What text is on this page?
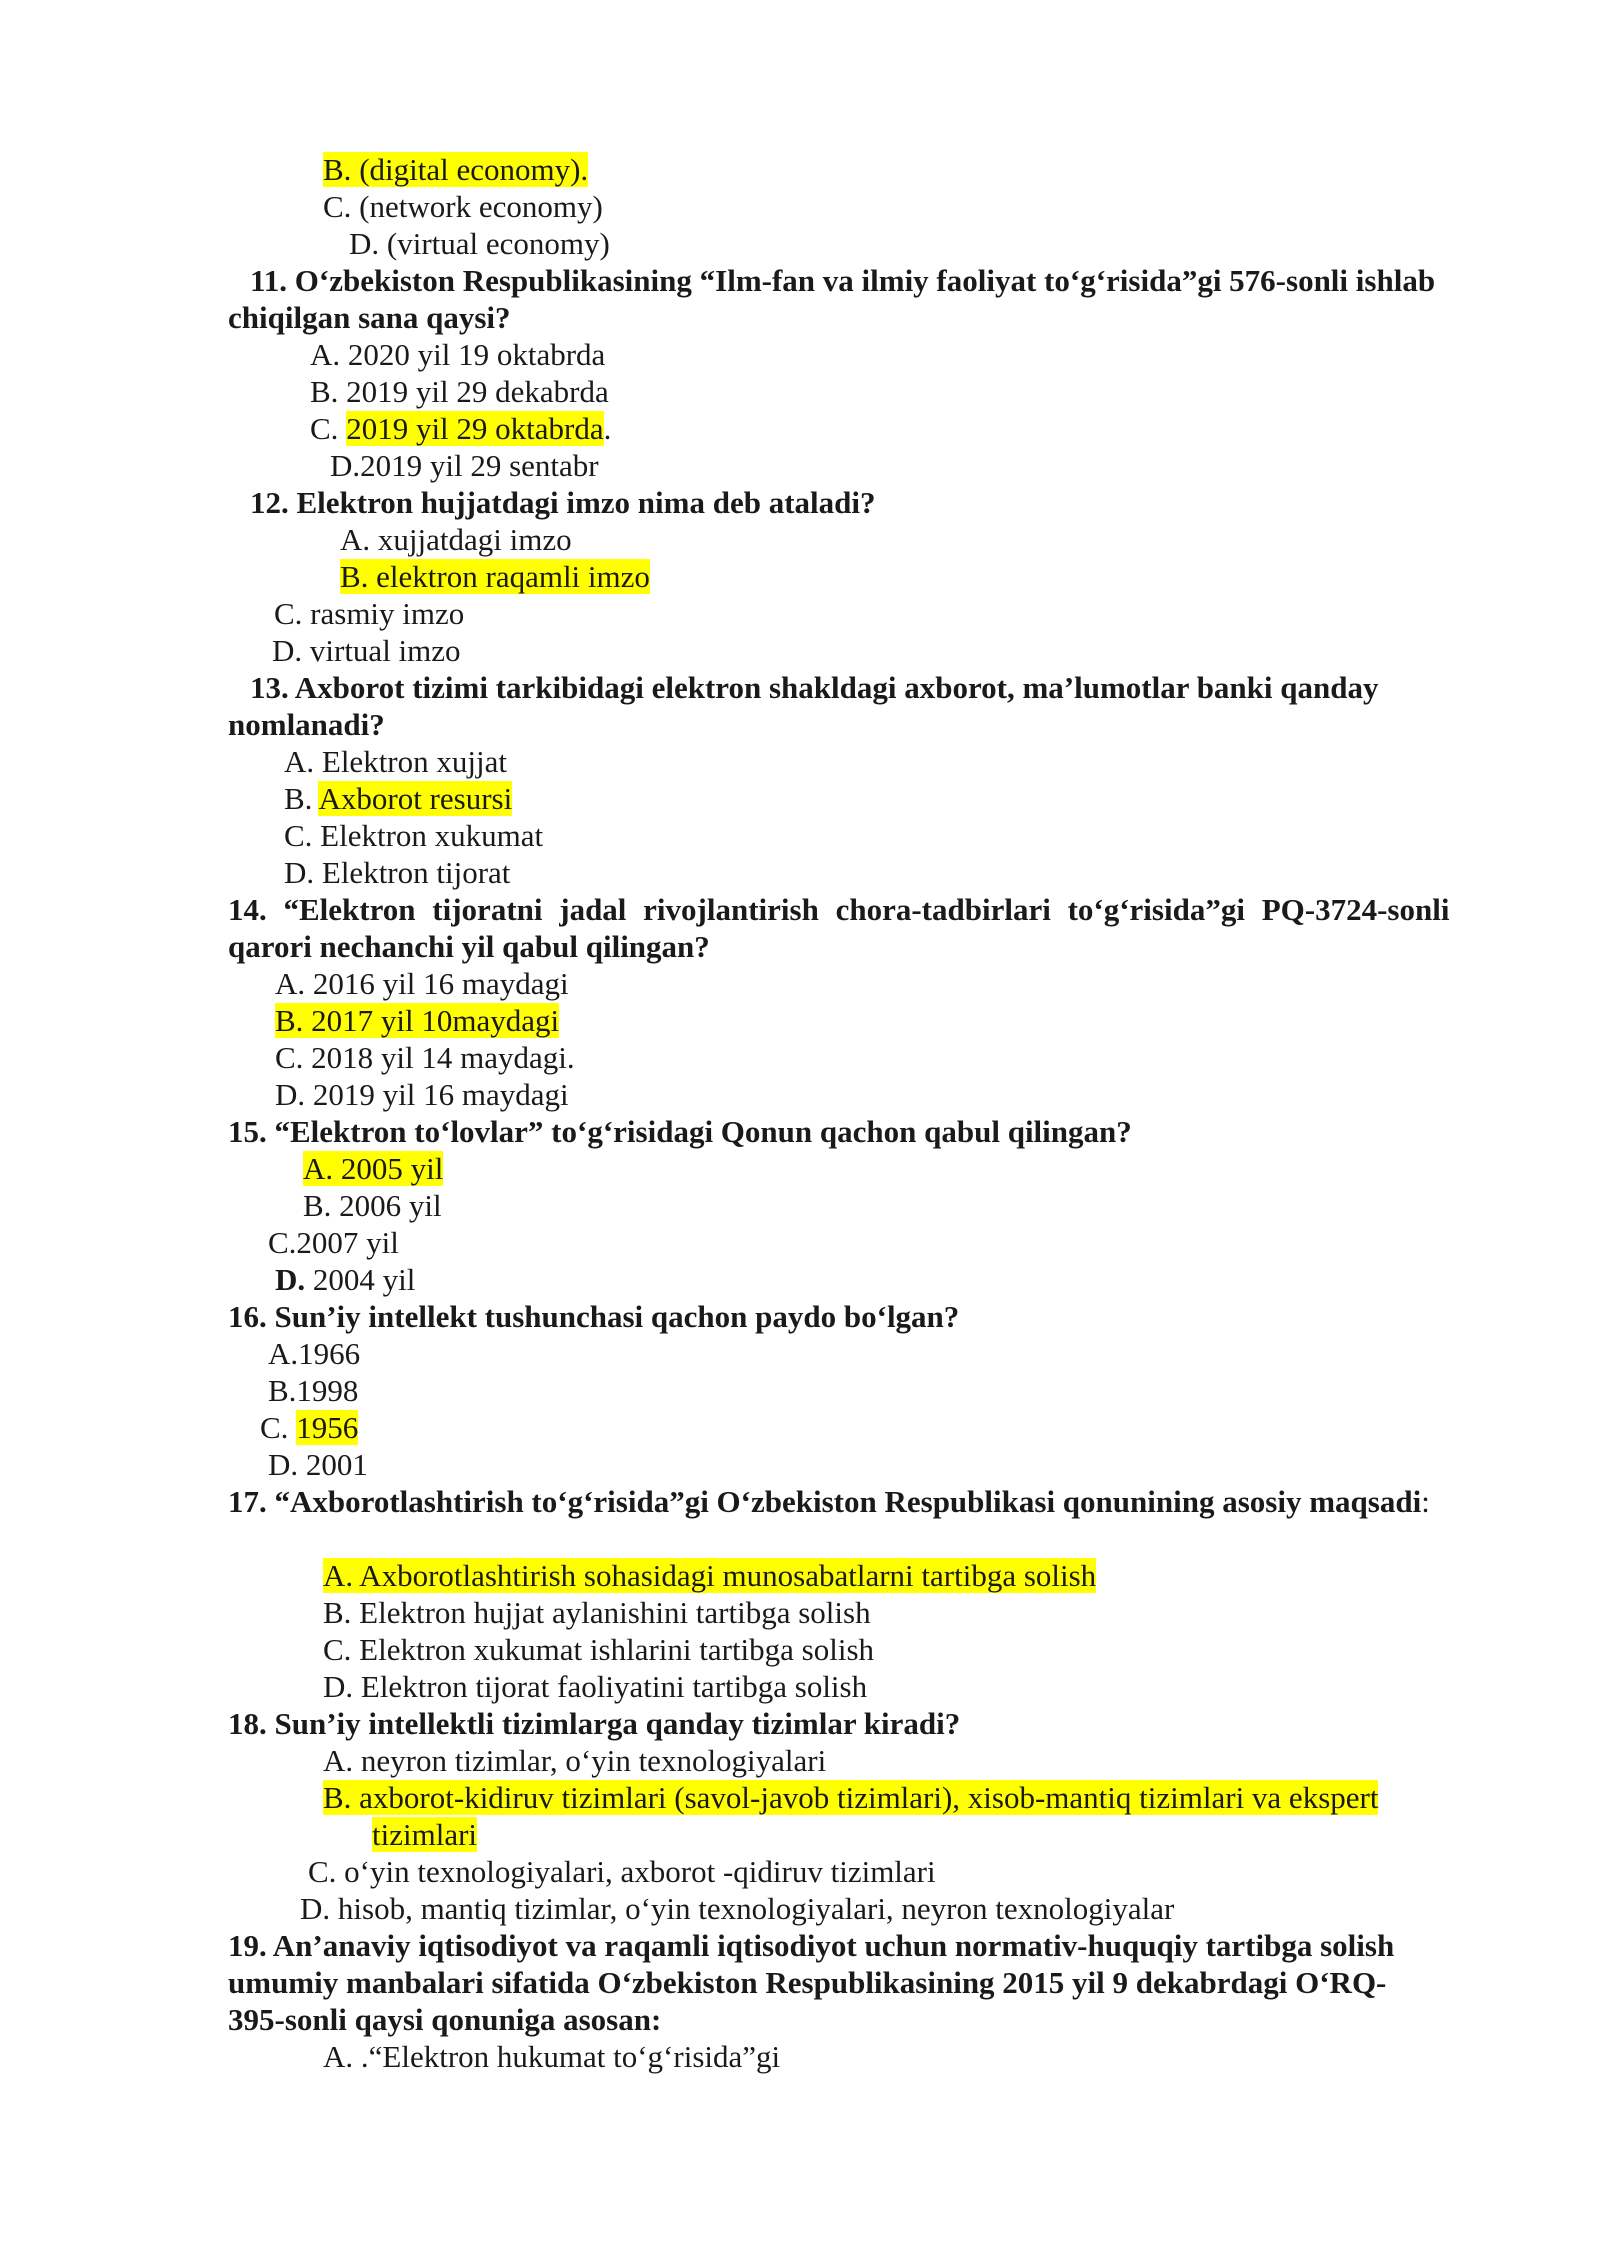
B. (digital economy).
C. (network economy)
D. (virtual economy)
11. O‘zbekiston Respublikasining “Ilm-fan va ilmiy faoliyat to‘g‘risida”gi 576-sonli ishlab
chiqilgan sana qaysi?
A. 2020 yil 19 oktabrda
B. 2019 yil 29 dekabrda
C. 2019 yil 29 oktabrda.
D.2019 yil 29 sentabr
12. Elektron hujjatdagi imzo nima deb ataladi?
A. xujjatdagi imzo
B. elektron raqamli imzo
C. rasmiy imzo
D. virtual imzo
13. Axborot tizimi tarkibidagi elektron shakldagi axborot, ma’lumotlar banki qanday
nomlanadi?
A. Elektron xujjat
B. Axborot resursi
C. Elektron xukumat
D. Elektron tijorat
14. “Elektron tijoratni jadal rivojlantirish chora-tadbirlari to‘g‘risida”gi PQ-3724-sonli
qarori nechanchi yil qabul qilingan?
A. 2016 yil 16 maydagi
B. 2017 yil 10maydagi
C. 2018 yil 14 maydagi.
D. 2019 yil 16 maydagi
15. “Elektron to‘lovlar” to‘g‘risidagi Qonun qachon qabul qilingan?
A. 2005 yil
B. 2006 yil
C.2007 yil
D. 2004 yil
16. Sun’iy intellekt tushunchasi qachon paydo bo‘lgan?
A.1966
B.1998
C. 1956
D. 2001
17. “Axborotlashtirish to‘g‘risida”gi O‘zbekiston Respublikasi qonunining asosiy maqsadi:
A. Axborotlashtirish sohasidagi munosabatlarni tartibga solish
B. Elektron hujjat aylanishini tartibga solish
C. Elektron xukumat ishlarini tartibga solish
D. Elektron tijorat faoliyatini tartibga solish
18. Sun’iy intellektli tizimlarga qanday tizimlar kiradi?
A. neyron tizimlar, o‘yin texnologiyalari
B. axborot-kidiruv tizimlari (savol-javob tizimlari), xisob-mantiq tizimlari va ekspert
tizimlari
C. o‘yin texnologiyalari, axborot -qidiruv tizimlari
D. hisob, mantiq tizimlar, o‘yin texnologiyalari, neyron texnologiyalar
19. An’anaviy iqtisodiyot va raqamli iqtisodiyot uchun normativ-huquqiy tartibga solish
umumiy manbalari sifatida O‘zbekiston Respublikasining 2015 yil 9 dekabrdagi O‘RQ-
395-sonli qaysi qonuniga asosan:
A. .“Elektron hukumat to‘g‘risida”gi
